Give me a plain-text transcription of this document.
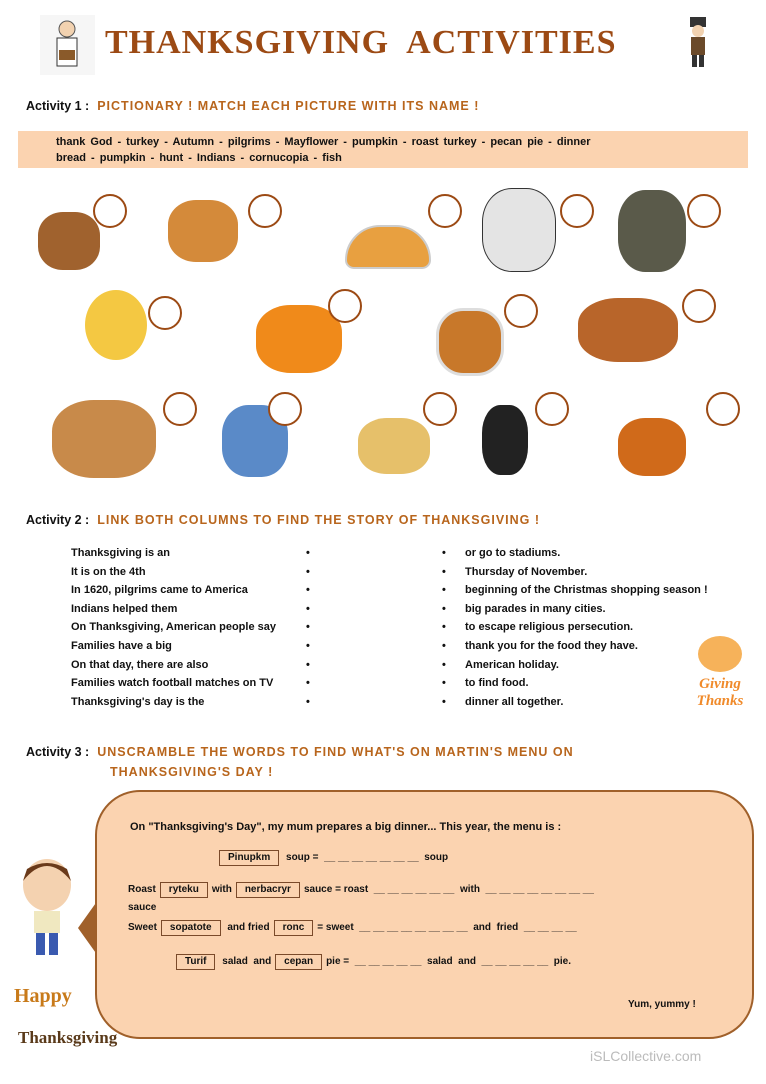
THANKSGIVING  ACTIVITIES
Activity 1 : PICTIONARY ! MATCH EACH PICTURE WITH ITS NAME !
thank God - turkey - Autumn - pilgrims - Mayflower - pumpkin - roast turkey - pecan pie - dinner
bread - pumpkin - hunt - Indians - cornucopia - fish
Activity 2 : LINK BOTH COLUMNS TO FIND THE STORY OF THANKSGIVING !
Thanksgiving is an	•	• or go to stadiums.
It is on the 4th	•	• Thursday of November.
In 1620, pilgrims came to America	•	• beginning of the Christmas shopping season !
Indians helped them	•	• big parades in many cities.
On Thanksgiving, American people say	•	• to escape religious persecution.
Families have a big	•	• thank you for the food they have.
On that day, there are also	•	• American holiday.
Families watch football matches on TV	•	• to find food.
Thanksgiving's day is the	•	• dinner all together.
Giving
Thanks
Activity 3 : UNSCRAMBLE THE WORDS TO FIND WHAT'S ON MARTIN'S MENU ON
THANKSGIVING'S DAY !
On "Thanksgiving's Day", my mum prepares a big dinner... This year, the menu is :
Pinupkm soup = __ __ __ __ __ __ __ soup
Roast ryteku with nerbacryr sauce = roast __ __ __ __ __ __ with __ __ __ __ __ __ __ __
sauce
Sweet sopatote and fried ronc = sweet __ __ __ __ __ __ __ __ and  fried __ __ __ __
Turif salad  and cepan pie = __ __ __ __ __ salad  and __ __ __ __ __ pie.
Yum, yummy !
Happy
Thanksgiving
iSLCollective.com
